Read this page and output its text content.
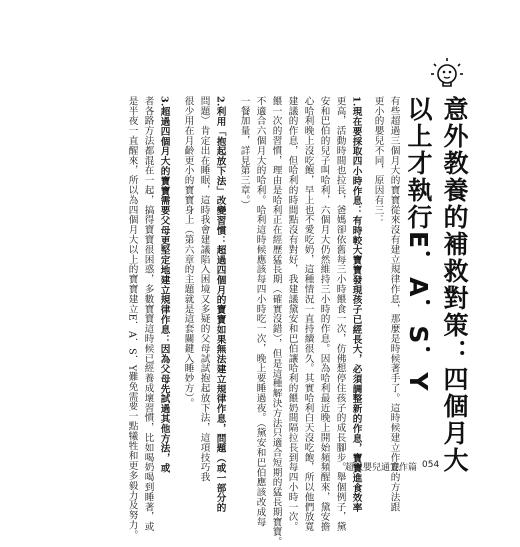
意外教養的補救對策：四個月大以上才執行E．A．S．Y
有些超過三個月大的寶寶從來沒有建立規律作息，那麼是時候著手了。這時候建立作息的方法跟
更小的嬰兒不同，原因有三：
1.現在要採取四小時作息：有時較大寶寶發現孩子已經長大，必須調整新的作息，寶寶進食效率
更高，活動時間也拉長，爸媽卻依舊每三小時餵食一次，仿佛想停住孩子的成長腳步。舉個例子，黛
安和巴伯的兒子叫哈利，六個月大仍然維持三小時的作息。因為哈利最近晚上開始頻頻醒來，黛安擔
心哈利晚上沒吃飽，早上也不愛吃奶，這種情況一直持續很久。其實哈利白天沒吃飽，所以他們放寬
建議的作息，但哈利的時間點沒有對好，我建議黛安和巴伯讓哈利的餵奶間隔拉長到每四小時一次。
餵一次的習慣，理由是哈利正在經歷猛長期（確實沒錯），但是這種解決方法只適合短期的猛長期寶寶。
不適合六個月大的哈利。哈利這時候應該每四小時吃一次，晚上要睡過夜。（黛安和巴伯應該改成每
一餐加量，詳見第三章。）
2.利用「抱起放下法」改變習慣：超過四個月的寶寶如果無法建立規律作息，問題（或一部分的
問題）肯定出在睡眠，這時我會建議陷入困境又多疑的父母試試抱起放下法，這項技巧我
很少用在月齡更小的寶寶身上（第六章的主題就是這套關鍵入睡妙方）。
3.超過四個月大的寶寶需要父母更堅定地建立規律作息：因為父母先試過其他方法，或
者各路方法都混在一起，搞得寶寶很困惑，多數寶寶這時候已經養成壞習慣，比如喝奶喝到睡著，或
是半夜一直醒來，所以為四個月大以上的寶寶建立E．A．S．Y難免需要一點犧牲和更多毅力及努力。	超級嬰兒通實作篇 054
